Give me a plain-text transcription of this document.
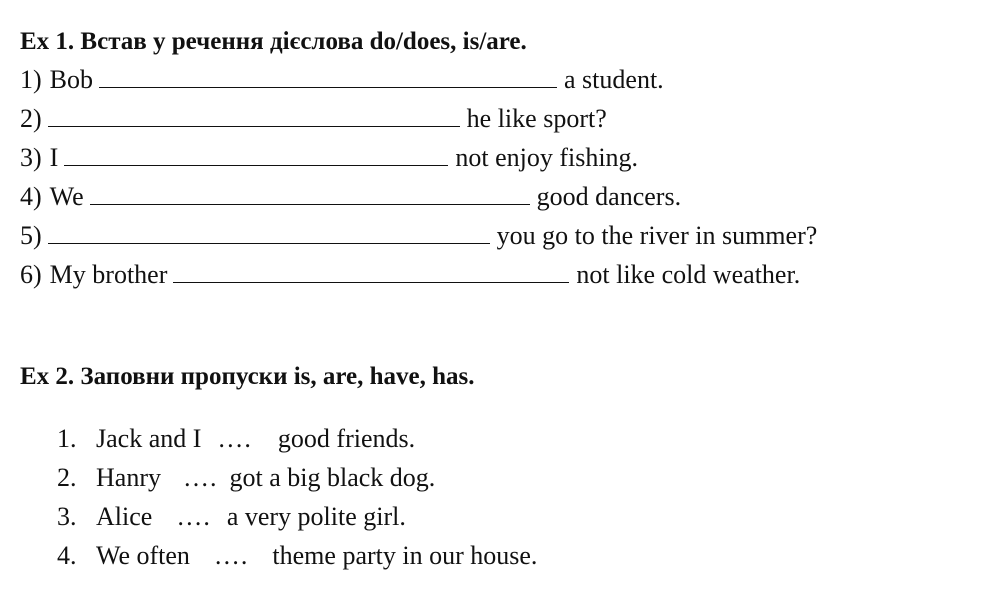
Ex 1. Встав у речення дієслова do/does, is/are.
1) Bob	a student.
2)	he like sport?
3) I	not enjoy fishing.
4) We	good dancers.
5)	you go to the river in summer?
6) My brother	not like cold weather.
Ex 2. Заповни пропуски is, are, have, has.
1. Jack and I …. good friends.
2. Hanry …. got a big black dog.
3. Alice …. a very polite girl.
4. We often …. theme party in our house.
